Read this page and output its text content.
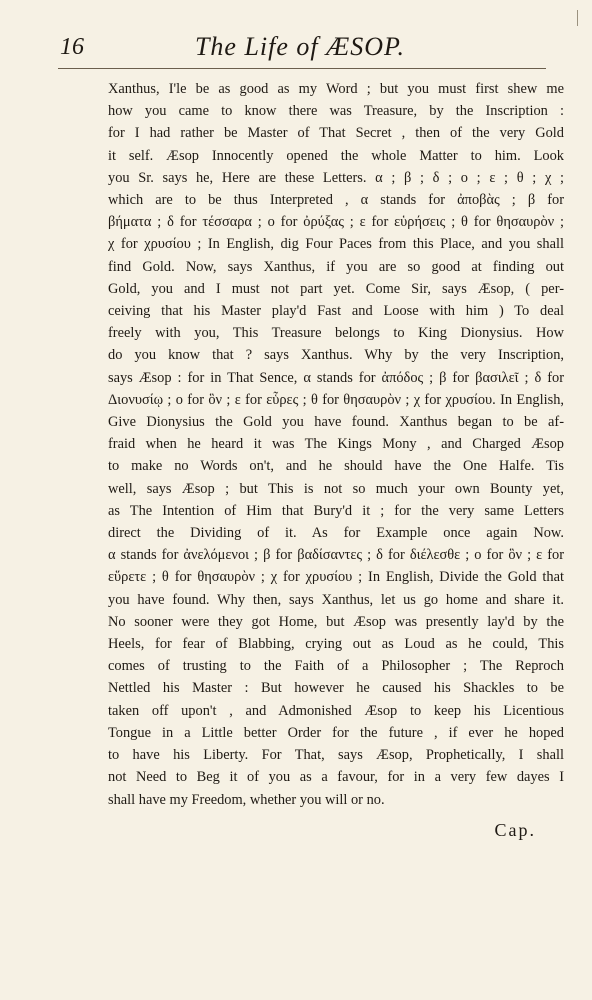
16	The Life of ÆSOP.
Xanthus, I'le be as good as my Word ; but you must first shew me
how you came to know there was Treasure, by the Inscription :
for I had rather be Master of That Secret , then of the very Gold
it self. Æsop Innocently opened the whole Matter to him. Look
you Sr. says he, Here are these Letters. α ; β ; δ ; ο ; ε ; θ ; χ ;
which are to be thus Interpreted , α stands for ἀποβὰς ; β for
βήματα ; δ for τέσσαρα ; ο for ὀρύξας ; ε for εὑρήσεις ; θ for θησαυρὸν ;
χ for χρυσίου ; In English, dig Four Paces from this Place, and you shall
find Gold. Now, says Xanthus, if you are so good at finding out
Gold, you and I must not part yet. Come Sir, says Æsop, ( per-
ceiving that his Master play'd Fast and Loose with him ) To deal
freely with you, This Treasure belongs to King Dionysius. How
do you know that ? says Xanthus. Why by the very Inscription,
says Æsop : for in That Sence, α stands for ἀπόδος ; β for βασιλεῖ ; δ for
Διονυσίῳ ; ο for ὃν ; ε for εὗρες ; θ for θησαυρὸν ; χ for χρυσίου. In English,
Give Dionysius the Gold you have found. Xanthus began to be af-
fraid when he heard it was The Kings Mony , and Charged Æsop
to make no Words on't, and he should have the One Halfe. Tis
well, says Æsop ; but This is not so much your own Bounty yet,
as The Intention of Him that Bury'd it ; for the very same Letters
direct the Dividing of it. As for Example once again Now.
α stands for ἀνελόμενοι ; β for βαδίσαντες ; δ for διέλεσθε ; ο for ὃν ; ε for
εὕρετε ; θ for θησαυρὸν ; χ for χρυσίου ; In English, Divide the Gold that
you have found. Why then, says Xanthus, let us go home and share it.
No sooner were they got Home, but Æsop was presently lay'd by the
Heels, for fear of Blabbing, crying out as Loud as he could, This
comes of trusting to the Faith of a Philosopher ; The Reproch
Nettled his Master : But however he caused his Shackles to be
taken off upon't , and Admonished Æsop to keep his Licentious
Tongue in a Little better Order for the future , if ever he hoped
to have his Liberty. For That, says Æsop, Prophetically, I shall
not Need to Beg it of you as a favour, for in a very few dayes I
shall have my Freedom, whether you will or no.
Cap.
